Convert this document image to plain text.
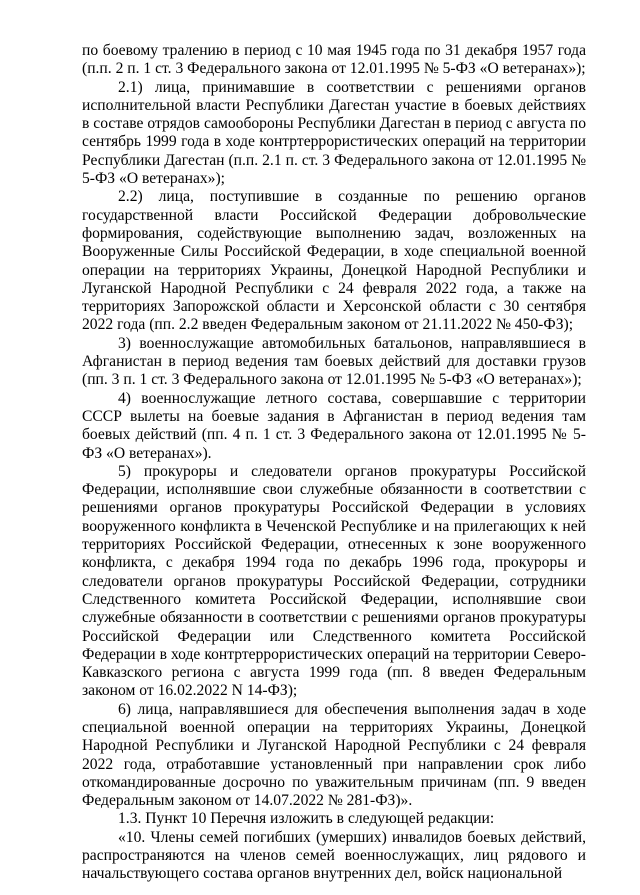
по боевому тралению в период с 10 мая 1945 года по 31 декабря 1957 года (п.п. 2 п. 1 ст. 3 Федерального закона от 12.01.1995 № 5-ФЗ «О ветеранах»);

2.1) лица, принимавшие в соответствии с решениями органов исполнительной власти Республики Дагестан участие в боевых действиях в составе отрядов самообороны Республики Дагестан в период с августа по сентябрь 1999 года в ходе контртеррористических операций на территории Республики Дагестан (п.п. 2.1 п. ст. 3 Федерального закона от 12.01.1995 № 5-ФЗ «О ветеранах»);

2.2) лица, поступившие в созданные по решению органов государственной власти Российской Федерации добровольческие формирования, содействующие выполнению задач, возложенных на Вооруженные Силы Российской Федерации, в ходе специальной военной операции на территориях Украины, Донецкой Народной Республики и Луганской Народной Республики с 24 февраля 2022 года, а также на территориях Запорожской области и Херсонской области с 30 сентября 2022 года (пп. 2.2 введен Федеральным законом от 21.11.2022 № 450-ФЗ);

3) военнослужащие автомобильных батальонов, направлявшиеся в Афганистан в период ведения там боевых действий для доставки грузов (пп. 3 п. 1 ст. 3 Федерального закона от 12.01.1995 № 5-ФЗ «О ветеранах»);

4) военнослужащие летного состава, совершавшие с территории СССР вылеты на боевые задания в Афганистан в период ведения там боевых действий (пп. 4 п. 1 ст. 3 Федерального закона от 12.01.1995 № 5-ФЗ «О ветеранах»).

5) прокуроры и следователи органов прокуратуры Российской Федерации, исполнявшие свои служебные обязанности в соответствии с решениями органов прокуратуры Российской Федерации в условиях вооруженного конфликта в Чеченской Республике и на прилегающих к ней территориях Российской Федерации, отнесенных к зоне вооруженного конфликта, с декабря 1994 года по декабрь 1996 года, прокуроры и следователи органов прокуратуры Российской Федерации, сотрудники Следственного комитета Российской Федерации, исполнявшие свои служебные обязанности в соответствии с решениями органов прокуратуры Российской Федерации или Следственного комитета Российской Федерации в ходе контртеррористических операций на территории Северо-Кавказского региона с августа 1999 года (пп. 8 введен Федеральным законом от 16.02.2022 N 14-ФЗ);

6) лица, направлявшиеся для обеспечения выполнения задач в ходе специальной военной операции на территориях Украины, Донецкой Народной Республики и Луганской Народной Республики с 24 февраля 2022 года, отработавшие установленный при направлении срок либо откомандированные досрочно по уважительным причинам (пп. 9 введен Федеральным законом от 14.07.2022 № 281-ФЗ)».

1.3. Пункт 10 Перечня изложить в следующей редакции:

«10. Члены семей погибших (умерших) инвалидов боевых действий, распространяются на членов семей военнослужащих, лиц рядового и начальствующего состава органов внутренних дел, войск национальной
